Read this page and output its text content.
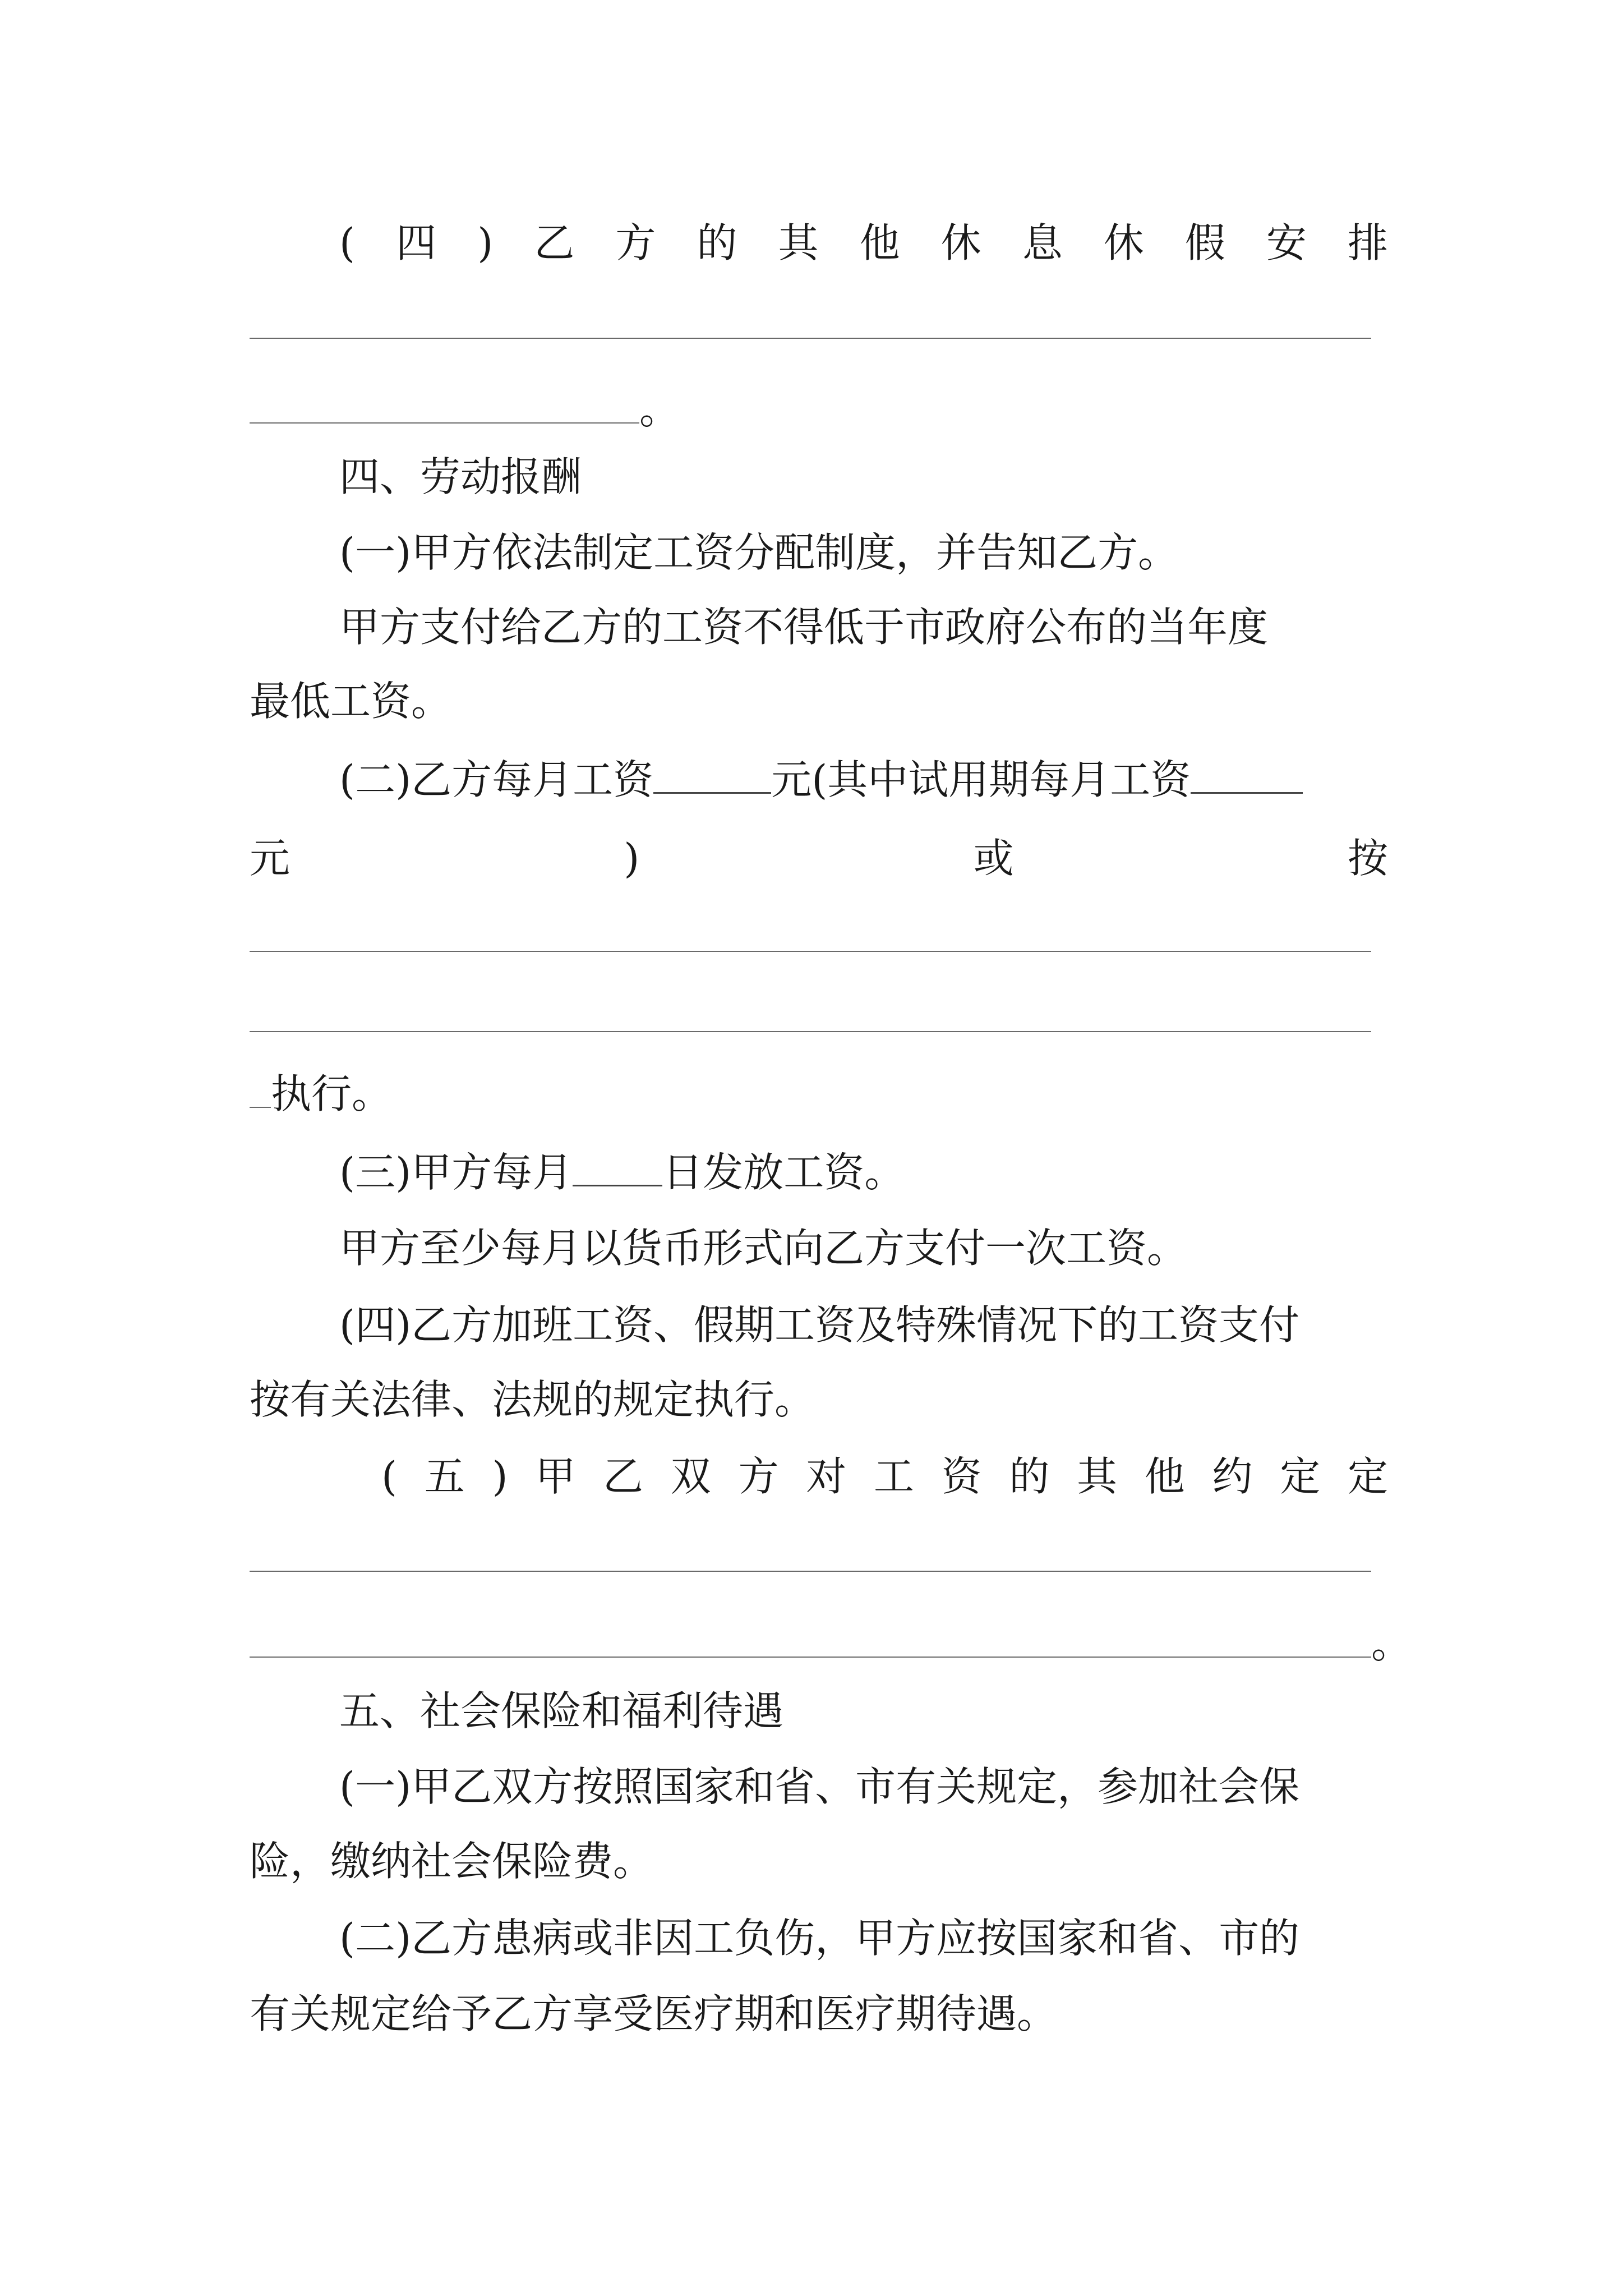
( 四 ) 乙 方 的 其 他 休 息 休 假 安 排
。
四、劳动报酬
(一)甲方依法制定工资分配制度，并告知乙方。
甲方支付给乙方的工资不得低于市政府公布的当年度
最低工资。
(二)乙方每月工资	元(其中试用期每月工资
元	)	或	按
执行。
(三)甲方每月 日发放工资。
甲方至少每月以货币形式向乙方支付一次工资。
(四)乙方加班工资、假期工资及特殊情况下的工资支付
按有关法律、法规的规定执行。
( 五 ) 甲 乙 双 方 对 工 资 的 其 他 约 定 定
。
五、社会保险和福利待遇
(一)甲乙双方按照国家和省、市有关规定，参加社会保
险，缴纳社会保险费。
(二)乙方患病或非因工负伤，甲方应按国家和省、市的
有关规定给予乙方享受医疗期和医疗期待遇。
